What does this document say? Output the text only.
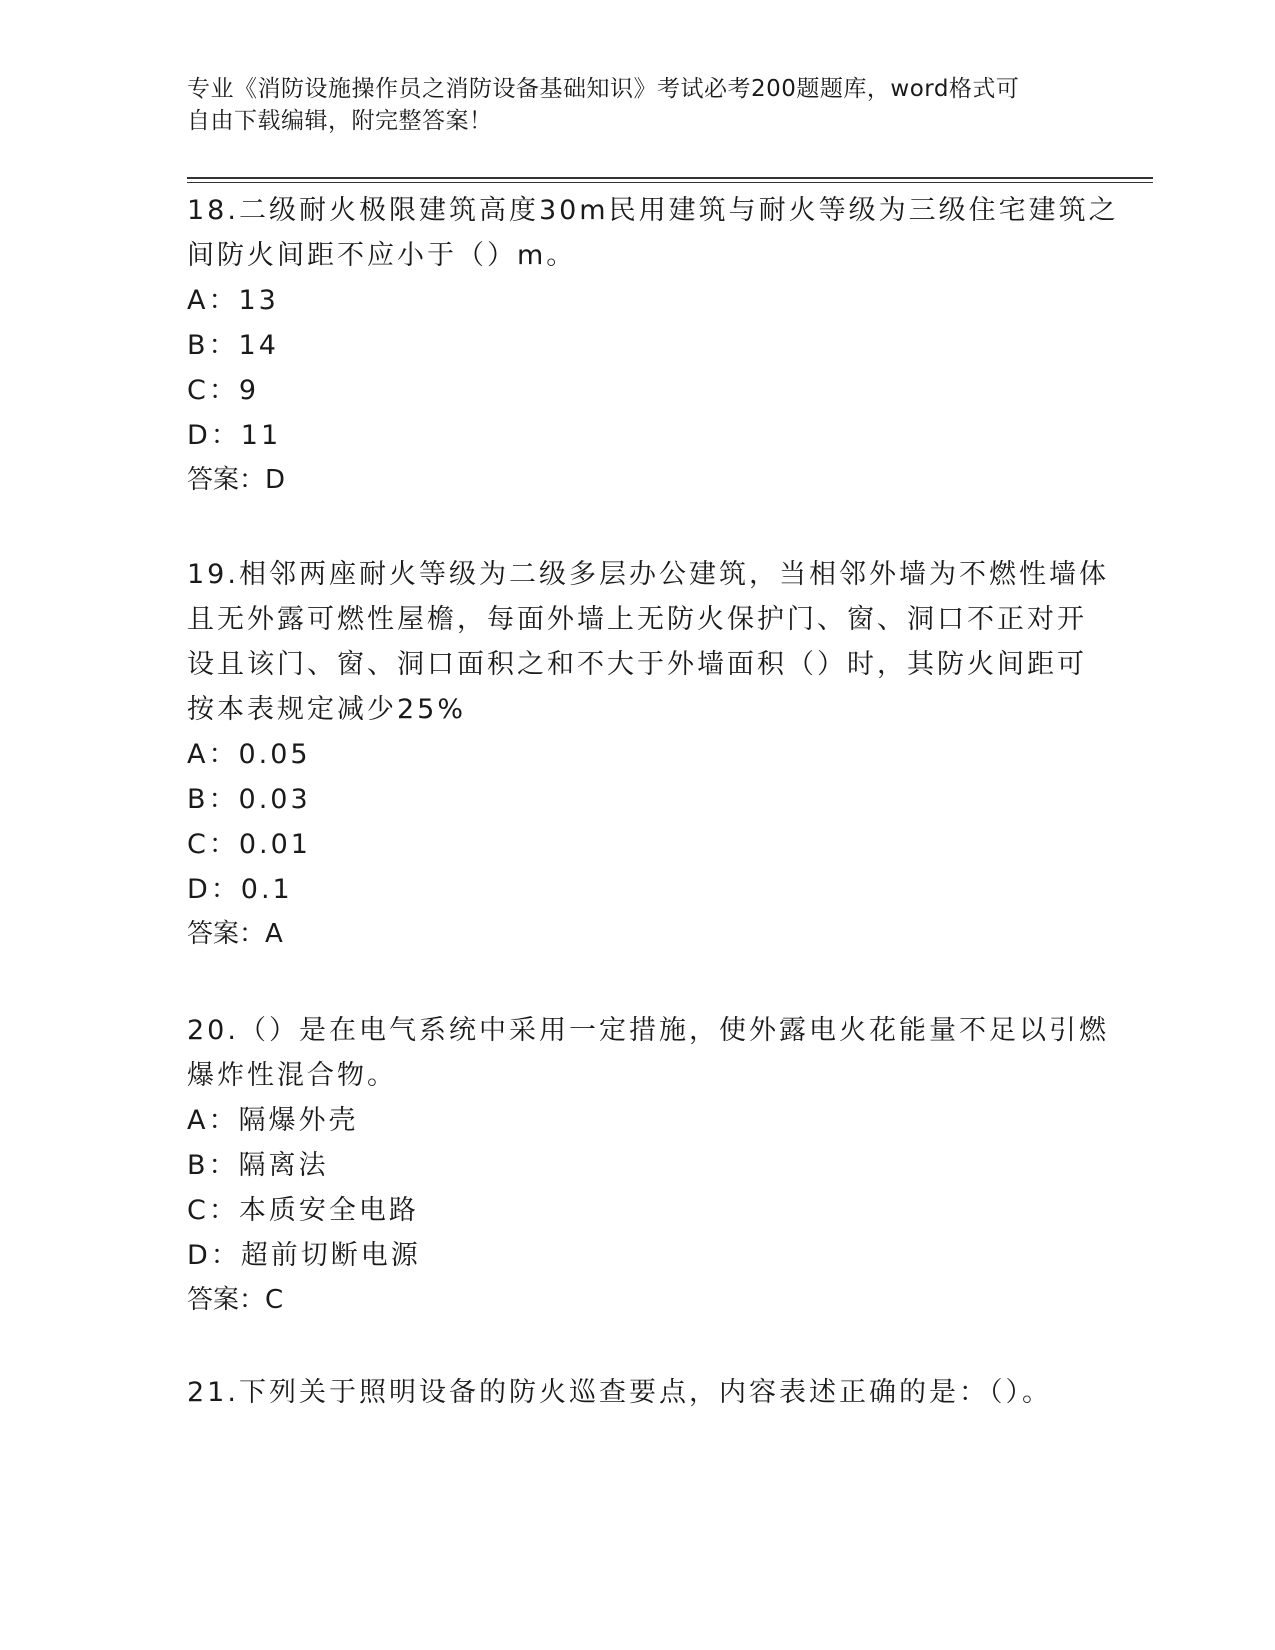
专业《消防设施操作员之消防设备基础知识》考试必考200题题库，word格式可
自由下载编辑，附完整答案！
18.二级耐火极限建筑高度30m民用建筑与耐火等级为三级住宅建筑之
间防火间距不应小于（）m。
A：13
B：14
C：9
D：11
答案：D
19.相邻两座耐火等级为二级多层办公建筑，当相邻外墙为不燃性墙体
且无外露可燃性屋檐，每面外墙上无防火保护门、窗、洞口不正对开
设且该门、窗、洞口面积之和不大于外墙面积（）时，其防火间距可
按本表规定减少25%
A：0.05
B：0.03
C：0.01
D：0.1
答案：A
20.（）是在电气系统中采用一定措施，使外露电火花能量不足以引燃
爆炸性混合物。
A：隔爆外壳
B：隔离法
C：本质安全电路
D：超前切断电源
答案：C
21.下列关于照明设备的防火巡查要点，内容表述正确的是：（）。
